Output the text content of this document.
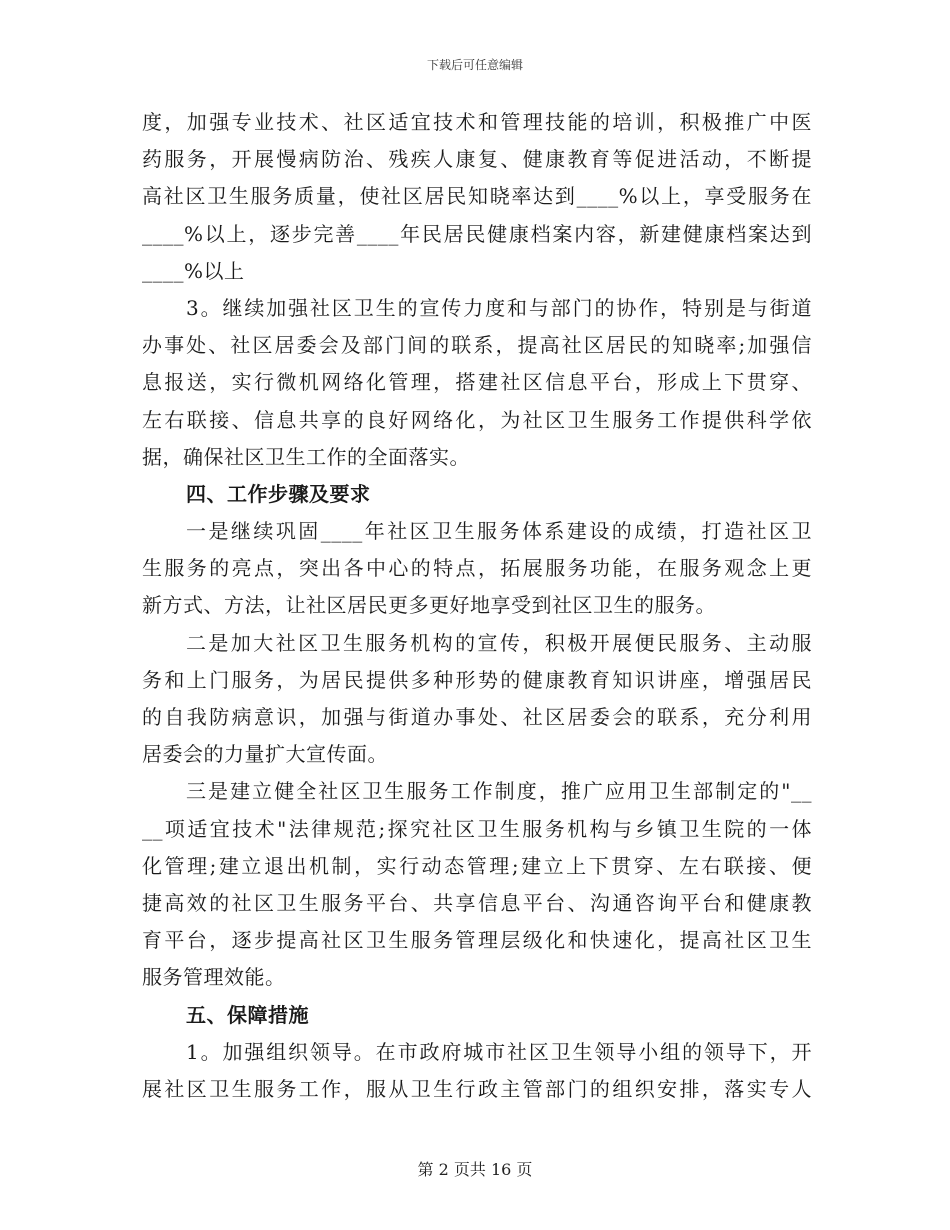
下载后可任意编辑
度，加强专业技术、社区适宜技术和管理技能的培训，积极推广中医
药服务，开展慢病防治、残疾人康复、健康教育等促进活动，不断提
高社区卫生服务质量，使社区居民知晓率达到____%以上，享受服务在
____%以上，逐步完善____年民居民健康档案内容，新建健康档案达到
____%以上
3。继续加强社区卫生的宣传力度和与部门的协作，特别是与街道
办事处、社区居委会及部门间的联系，提高社区居民的知晓率;加强信
息报送，实行微机网络化管理，搭建社区信息平台，形成上下贯穿、
左右联接、信息共享的良好网络化，为社区卫生服务工作提供科学依
据，确保社区卫生工作的全面落实。
四、工作步骤及要求
一是继续巩固____年社区卫生服务体系建设的成绩，打造社区卫
生服务的亮点，突出各中心的特点，拓展服务功能，在服务观念上更
新方式、方法，让社区居民更多更好地享受到社区卫生的服务。
二是加大社区卫生服务机构的宣传，积极开展便民服务、主动服
务和上门服务，为居民提供多种形势的健康教育知识讲座，增强居民
的自我防病意识，加强与街道办事处、社区居委会的联系，充分利用
居委会的力量扩大宣传面。
三是建立健全社区卫生服务工作制度，推广应用卫生部制定的"__
__项适宜技术"法律规范;探究社区卫生服务机构与乡镇卫生院的一体
化管理;建立退出机制，实行动态管理;建立上下贯穿、左右联接、便
捷高效的社区卫生服务平台、共享信息平台、沟通咨询平台和健康教
育平台，逐步提高社区卫生服务管理层级化和快速化，提高社区卫生
服务管理效能。
五、保障措施
1。加强组织领导。在市政府城市社区卫生领导小组的领导下，开
展社区卫生服务工作，服从卫生行政主管部门的组织安排，落实专人
第 2 页共 16 页
